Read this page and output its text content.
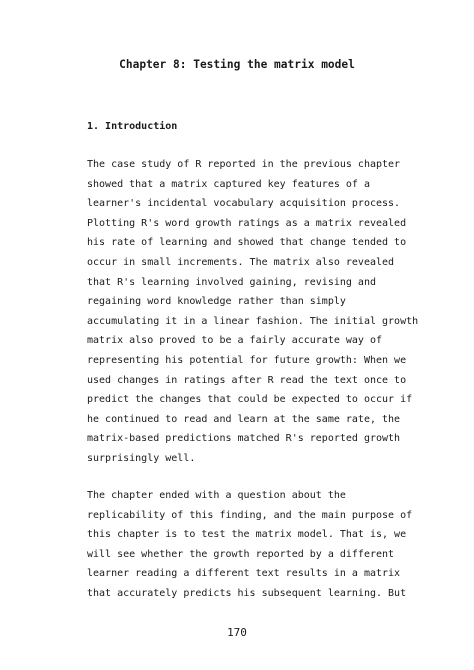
Chapter 8: Testing the matrix model
1. Introduction
The case study of R reported in the previous chapter
showed that a matrix captured key features of a
learner's incidental vocabulary acquisition process.
Plotting R's word growth ratings as a matrix revealed
his rate of learning and showed that change tended to
occur in small increments. The matrix also revealed
that R's learning involved gaining, revising and
regaining word knowledge rather than simply
accumulating it in a linear fashion. The initial growth
matrix also proved to be a fairly accurate way of
representing his potential for future growth: When we
used changes in ratings after R read the text once to
predict the changes that could be expected to occur if
he continued to read and learn at the same rate, the
matrix-based predictions matched R's reported growth
surprisingly well.
The chapter ended with a question about the
replicability of this finding, and the main purpose of
this chapter is to test the matrix model. That is, we
will see whether the growth reported by a different
learner reading a different text results in a matrix
that accurately predicts his subsequent learning. But
170
